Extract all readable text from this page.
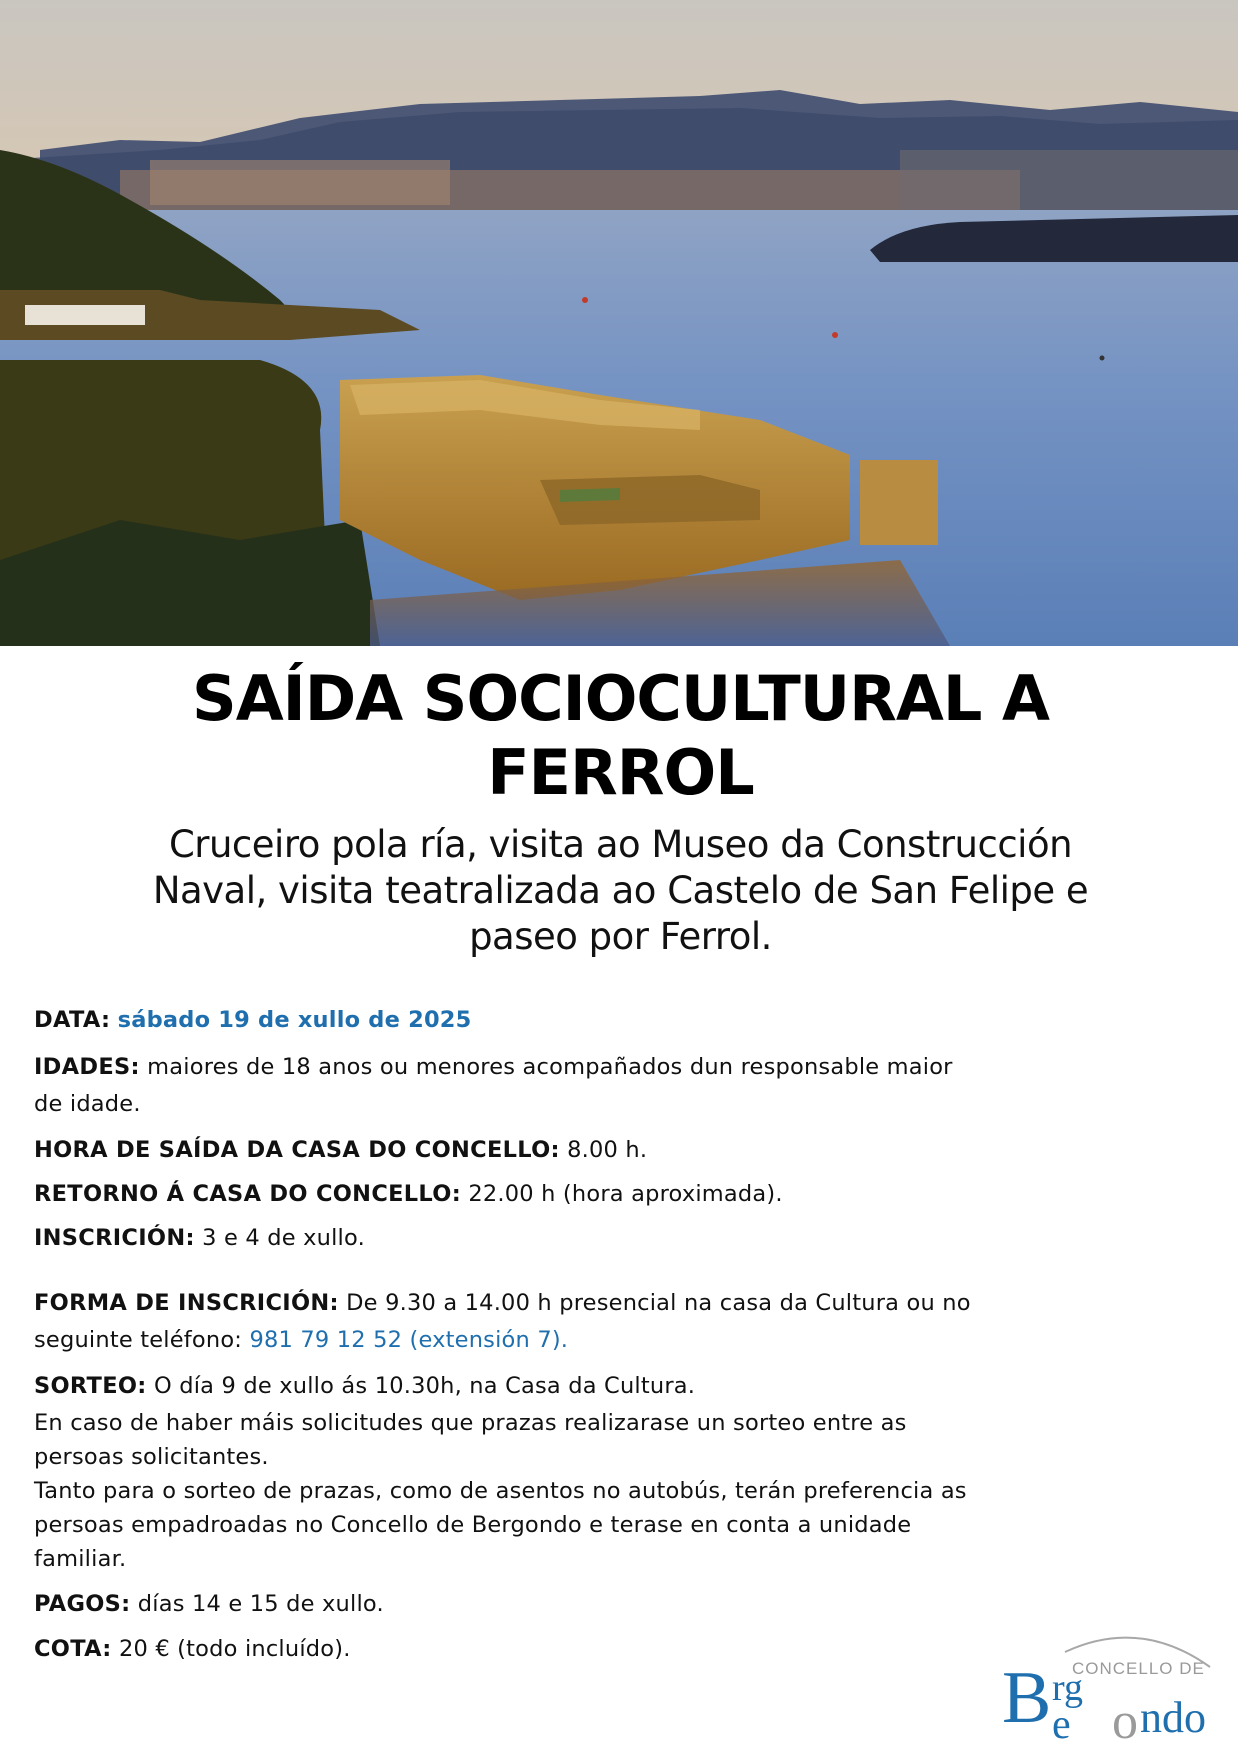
SAÍDA SOCIOCULTURAL A
FERROL

Cruceiro pola ría, visita ao Museo da Construcción
Naval, visita teatralizada ao Castelo de San Felipe e
paseo por Ferrol.

DATA: sábado 19 de xullo de 2025
IDADES: maiores de 18 anos ou menores acompañados dun responsable maior
de idade.
HORA DE SAÍDA DA CASA DO CONCELLO: 8.00 h.
RETORNO Á CASA DO CONCELLO: 22.00 h (hora aproximada).
INSCRICIÓN: 3 e 4 de xullo.
FORMA DE INSCRICIÓN: De 9.30 a 14.00 h presencial na casa da Cultura ou no
seguinte teléfono: 981 79 12 52 (extensión 7).
SORTEO: O día 9 de xullo ás 10.30h, na Casa da Cultura.
En caso de haber máis solicitudes que prazas realizarase un sorteo entre as
persoas solicitantes.
Tanto para o sorteo de prazas, como de asentos no autobús, terán preferencia as
persoas empadroadas no Concello de Bergondo e terase en conta a unidade
familiar.
PAGOS: días 14 e 15 de xullo.
COTA: 20 € (todo incluído).
CONCELLO DE
B rg
e o ndo
